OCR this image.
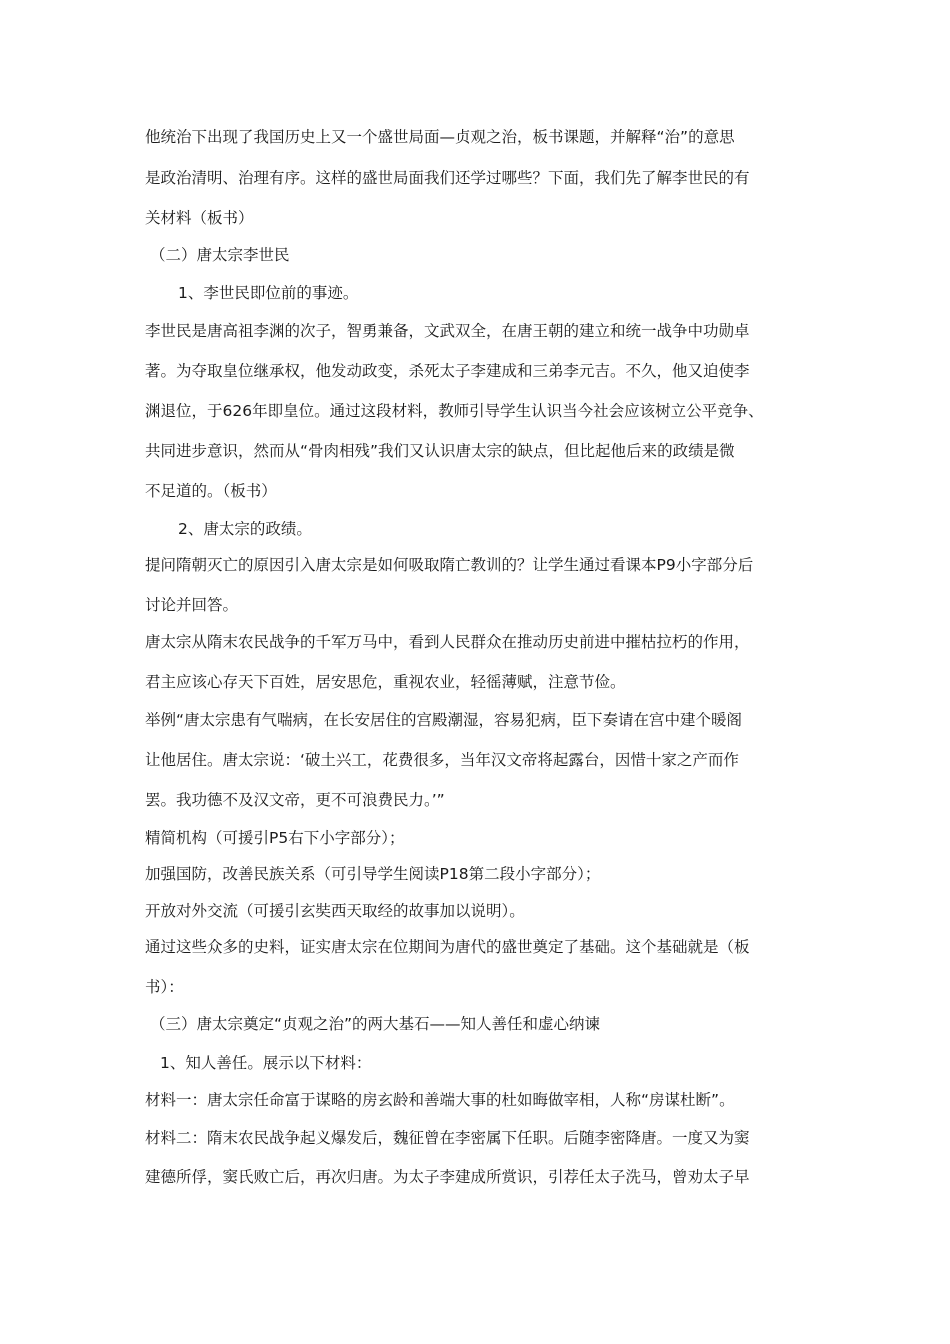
他统治下出现了我国历史上又一个盛世局面—贞观之治，板书课题，并解释“治”的意思
是政治清明、治理有序。这样的盛世局面我们还学过哪些？下面，我们先了解李世民的有
关材料（板书）
（二）唐太宗李世民
1、李世民即位前的事迹。
李世民是唐高祖李渊的次子，智勇兼备，文武双全，在唐王朝的建立和统一战争中功勋卓
著。为夺取皇位继承权，他发动政变，杀死太子李建成和三弟李元吉。不久，他又迫使李
渊退位，于626年即皇位。通过这段材料，教师引导学生认识当今社会应该树立公平竞争、
共同进步意识，然而从“骨肉相残”我们又认识唐太宗的缺点，但比起他后来的政绩是微
不足道的。（板书）
2、唐太宗的政绩。
提问隋朝灭亡的原因引入唐太宗是如何吸取隋亡教训的？让学生通过看课本P9小字部分后
讨论并回答。
唐太宗从隋末农民战争的千军万马中，看到人民群众在推动历史前进中摧枯拉朽的作用，
君主应该心存天下百姓，居安思危，重视农业，轻徭薄赋，注意节俭。
举例“唐太宗患有气喘病，在长安居住的宫殿潮湿，容易犯病，臣下奏请在宫中建个暖阁
让他居住。唐太宗说：‘破土兴工，花费很多，当年汉文帝将起露台，因惜十家之产而作
罢。我功德不及汉文帝，更不可浪费民力。’”
精简机构（可援引P5右下小字部分）；
加强国防，改善民族关系（可引导学生阅读P18第二段小字部分）；
开放对外交流（可援引玄奘西天取经的故事加以说明）。
通过这些众多的史料，证实唐太宗在位期间为唐代的盛世奠定了基础。这个基础就是（板
书）：
（三）唐太宗奠定“贞观之治”的两大基石——知人善任和虚心纳谏
1、知人善任。展示以下材料：
材料一：唐太宗任命富于谋略的房玄龄和善端大事的杜如晦做宰相，人称“房谋杜断”。
材料二：隋末农民战争起义爆发后，魏征曾在李密属下任职。后随李密降唐。一度又为窦
建德所俘，窦氏败亡后，再次归唐。为太子李建成所赏识，引荐任太子洗马，曾劝太子早
